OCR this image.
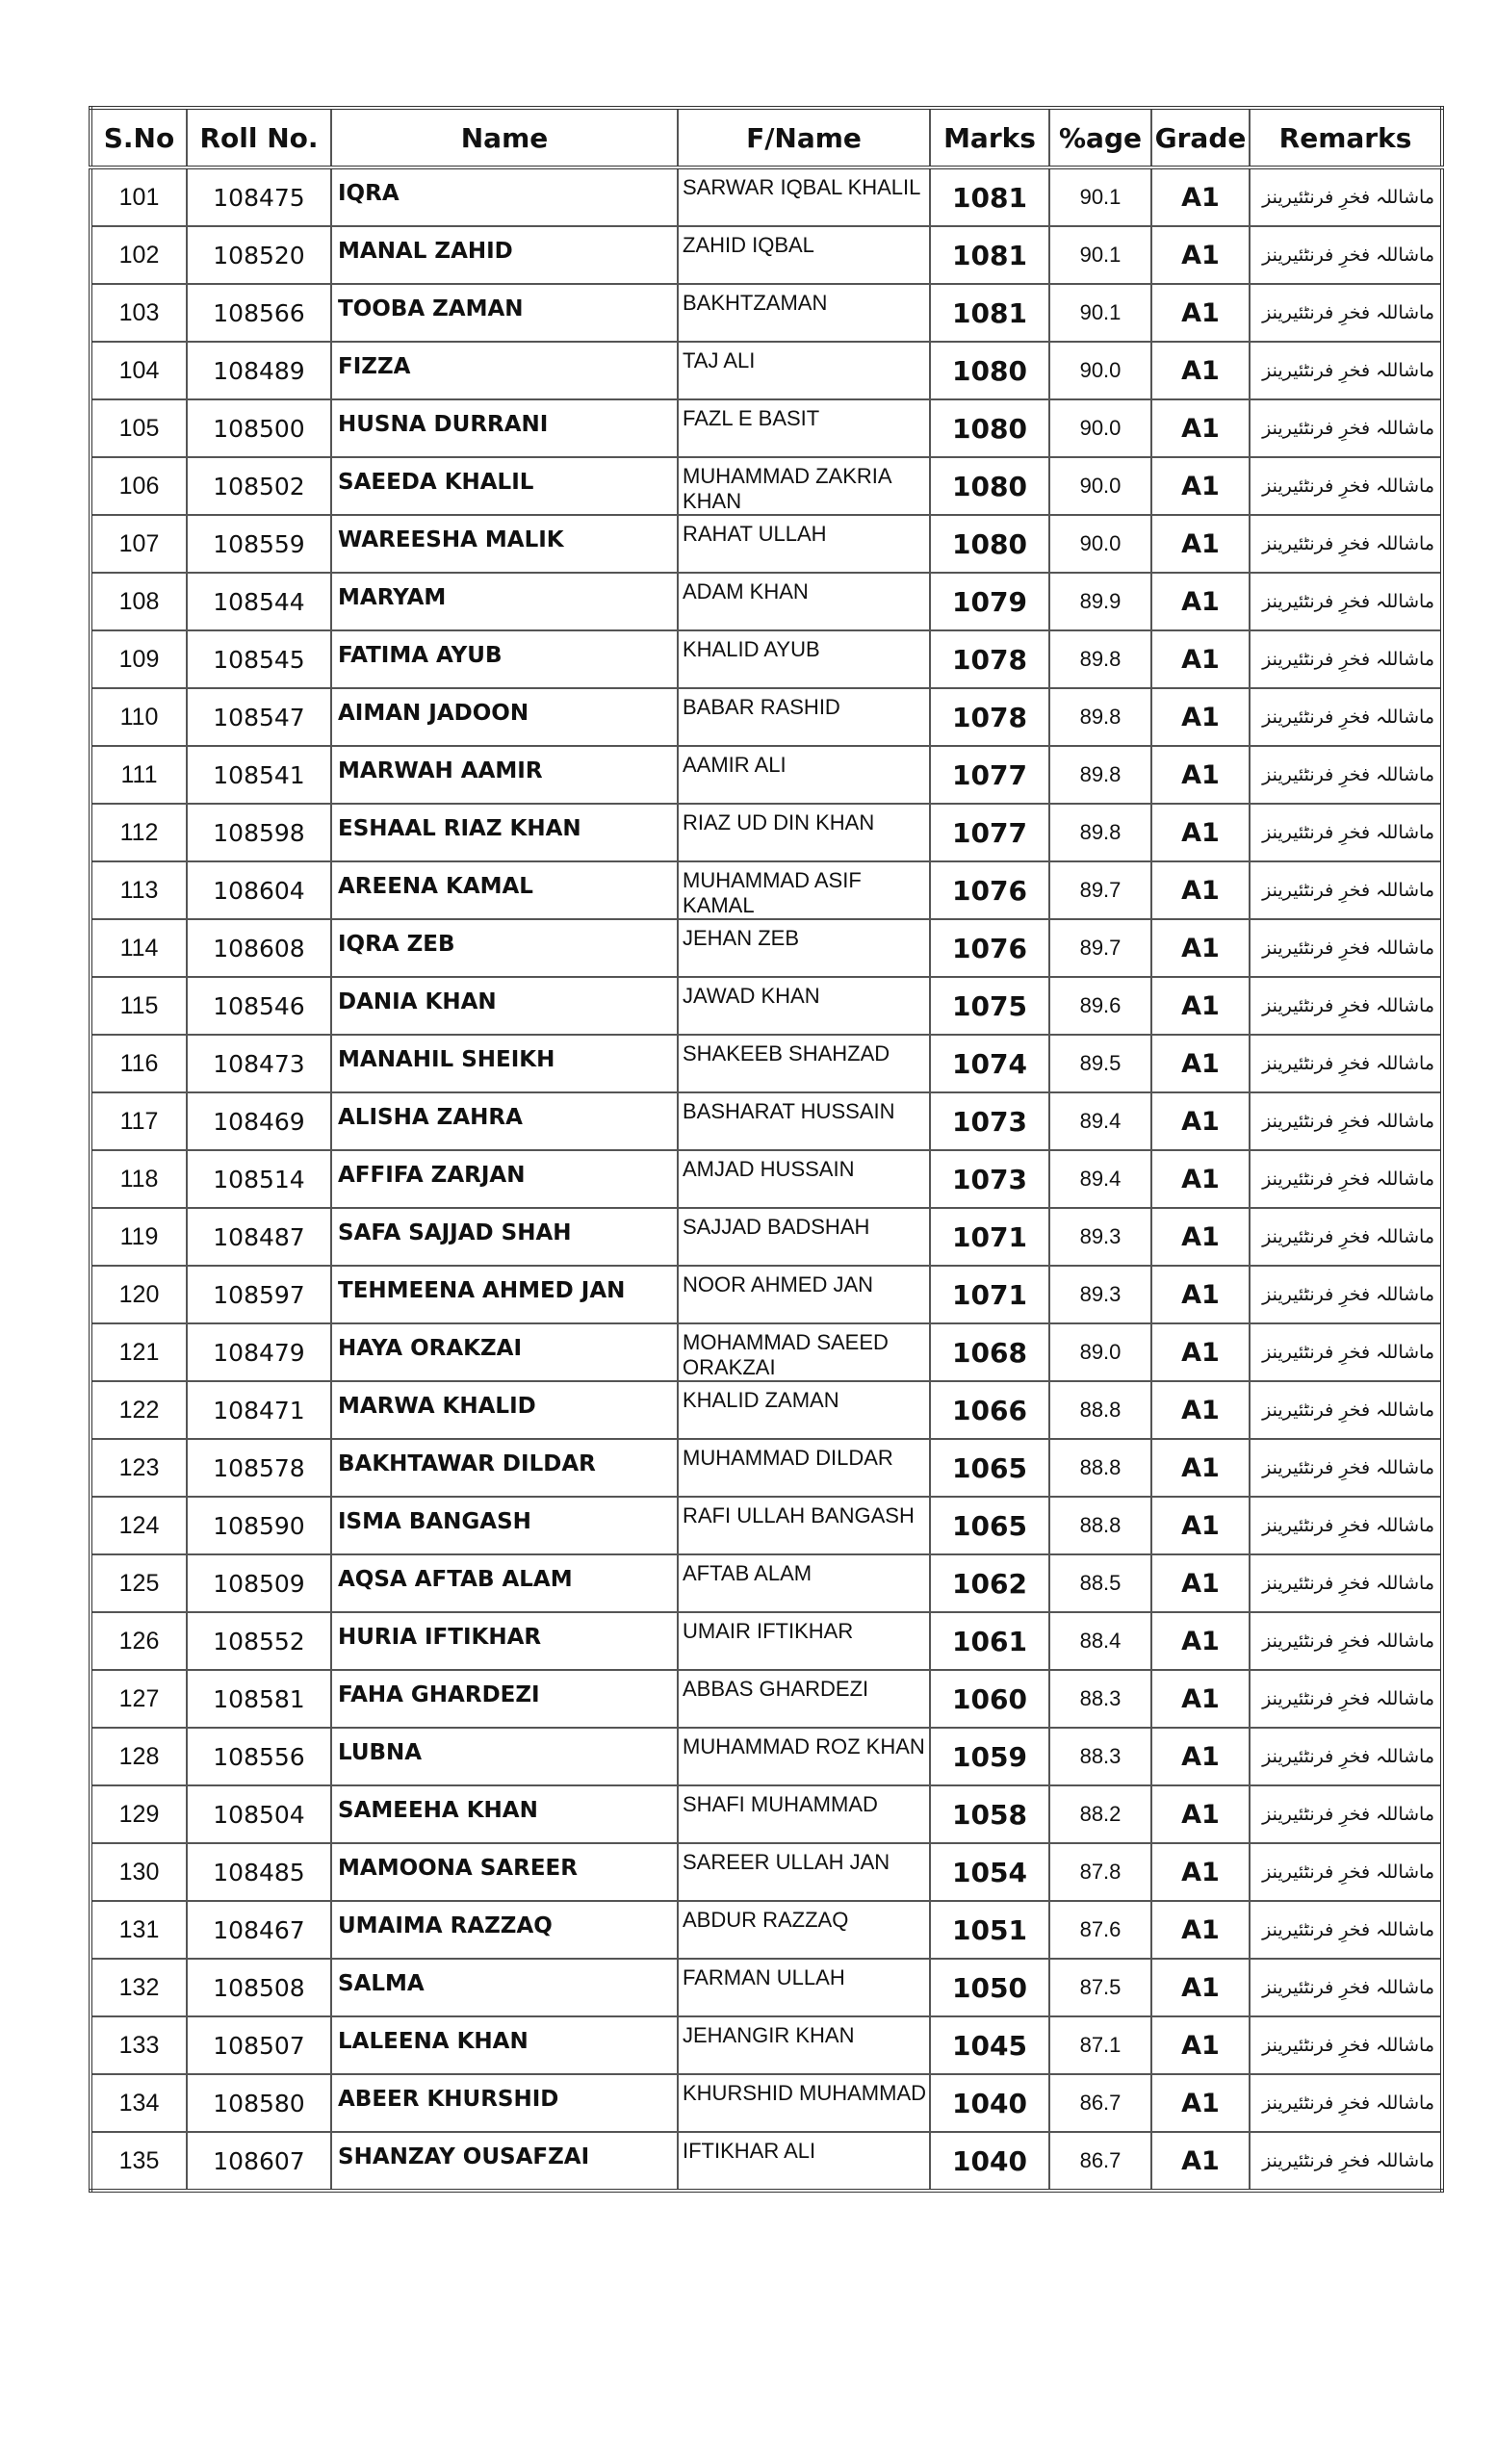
S.No	Roll No.	Name	F/Name	Marks	%age	Grade	Remarks
101	108475	IQRA	SARWAR IQBAL KHALIL	1081	90.1	A1	ماشاللہ فخرِ فرنٹئیرینز
102	108520	MANAL ZAHID	ZAHID IQBAL	1081	90.1	A1	ماشاللہ فخرِ فرنٹئیرینز
103	108566	TOOBA ZAMAN	BAKHTZAMAN	1081	90.1	A1	ماشاللہ فخرِ فرنٹئیرینز
104	108489	FIZZA	TAJ ALI	1080	90.0	A1	ماشاللہ فخرِ فرنٹئیرینز
105	108500	HUSNA DURRANI	FAZL E BASIT	1080	90.0	A1	ماشاللہ فخرِ فرنٹئیرینز
106	108502	SAEEDA KHALIL	MUHAMMAD ZAKRIA KHAN	1080	90.0	A1	ماشاللہ فخرِ فرنٹئیرینز
107	108559	WAREESHA MALIK	RAHAT ULLAH	1080	90.0	A1	ماشاللہ فخرِ فرنٹئیرینز
108	108544	MARYAM	ADAM KHAN	1079	89.9	A1	ماشاللہ فخرِ فرنٹئیرینز
109	108545	FATIMA AYUB	KHALID AYUB	1078	89.8	A1	ماشاللہ فخرِ فرنٹئیرینز
110	108547	AIMAN JADOON	BABAR RASHID	1078	89.8	A1	ماشاللہ فخرِ فرنٹئیرینز
111	108541	MARWAH AAMIR	AAMIR ALI	1077	89.8	A1	ماشاللہ فخرِ فرنٹئیرینز
112	108598	ESHAAL RIAZ KHAN	RIAZ UD DIN KHAN	1077	89.8	A1	ماشاللہ فخرِ فرنٹئیرینز
113	108604	AREENA KAMAL	MUHAMMAD ASIF KAMAL	1076	89.7	A1	ماشاللہ فخرِ فرنٹئیرینز
114	108608	IQRA ZEB	JEHAN ZEB	1076	89.7	A1	ماشاللہ فخرِ فرنٹئیرینز
115	108546	DANIA KHAN	JAWAD KHAN	1075	89.6	A1	ماشاللہ فخرِ فرنٹئیرینز
116	108473	MANAHIL SHEIKH	SHAKEEB SHAHZAD	1074	89.5	A1	ماشاللہ فخرِ فرنٹئیرینز
117	108469	ALISHA ZAHRA	BASHARAT HUSSAIN	1073	89.4	A1	ماشاللہ فخرِ فرنٹئیرینز
118	108514	AFFIFA ZARJAN	AMJAD HUSSAIN	1073	89.4	A1	ماشاللہ فخرِ فرنٹئیرینز
119	108487	SAFA SAJJAD SHAH	SAJJAD BADSHAH	1071	89.3	A1	ماشاللہ فخرِ فرنٹئیرینز
120	108597	TEHMEENA AHMED JAN	NOOR AHMED JAN	1071	89.3	A1	ماشاللہ فخرِ فرنٹئیرینز
121	108479	HAYA ORAKZAI	MOHAMMAD SAEED ORAKZAI	1068	89.0	A1	ماشاللہ فخرِ فرنٹئیرینز
122	108471	MARWA KHALID	KHALID ZAMAN	1066	88.8	A1	ماشاللہ فخرِ فرنٹئیرینز
123	108578	BAKHTAWAR DILDAR	MUHAMMAD DILDAR	1065	88.8	A1	ماشاللہ فخرِ فرنٹئیرینز
124	108590	ISMA BANGASH	RAFI ULLAH BANGASH	1065	88.8	A1	ماشاللہ فخرِ فرنٹئیرینز
125	108509	AQSA AFTAB ALAM	AFTAB ALAM	1062	88.5	A1	ماشاللہ فخرِ فرنٹئیرینز
126	108552	HURIA IFTIKHAR	UMAIR IFTIKHAR	1061	88.4	A1	ماشاللہ فخرِ فرنٹئیرینز
127	108581	FAHA GHARDEZI	ABBAS GHARDEZI	1060	88.3	A1	ماشاللہ فخرِ فرنٹئیرینز
128	108556	LUBNA	MUHAMMAD ROZ KHAN	1059	88.3	A1	ماشاللہ فخرِ فرنٹئیرینز
129	108504	SAMEEHA KHAN	SHAFI MUHAMMAD	1058	88.2	A1	ماشاللہ فخرِ فرنٹئیرینز
130	108485	MAMOONA SAREER	SAREER ULLAH JAN	1054	87.8	A1	ماشاللہ فخرِ فرنٹئیرینز
131	108467	UMAIMA RAZZAQ	ABDUR RAZZAQ	1051	87.6	A1	ماشاللہ فخرِ فرنٹئیرینز
132	108508	SALMA	FARMAN ULLAH	1050	87.5	A1	ماشاللہ فخرِ فرنٹئیرینز
133	108507	LALEENA KHAN	JEHANGIR KHAN	1045	87.1	A1	ماشاللہ فخرِ فرنٹئیرینز
134	108580	ABEER KHURSHID	KHURSHID MUHAMMAD	1040	86.7	A1	ماشاللہ فخرِ فرنٹئیرینز
135	108607	SHANZAY OUSAFZAI	IFTIKHAR ALI	1040	86.7	A1	ماشاللہ فخرِ فرنٹئیرینز
